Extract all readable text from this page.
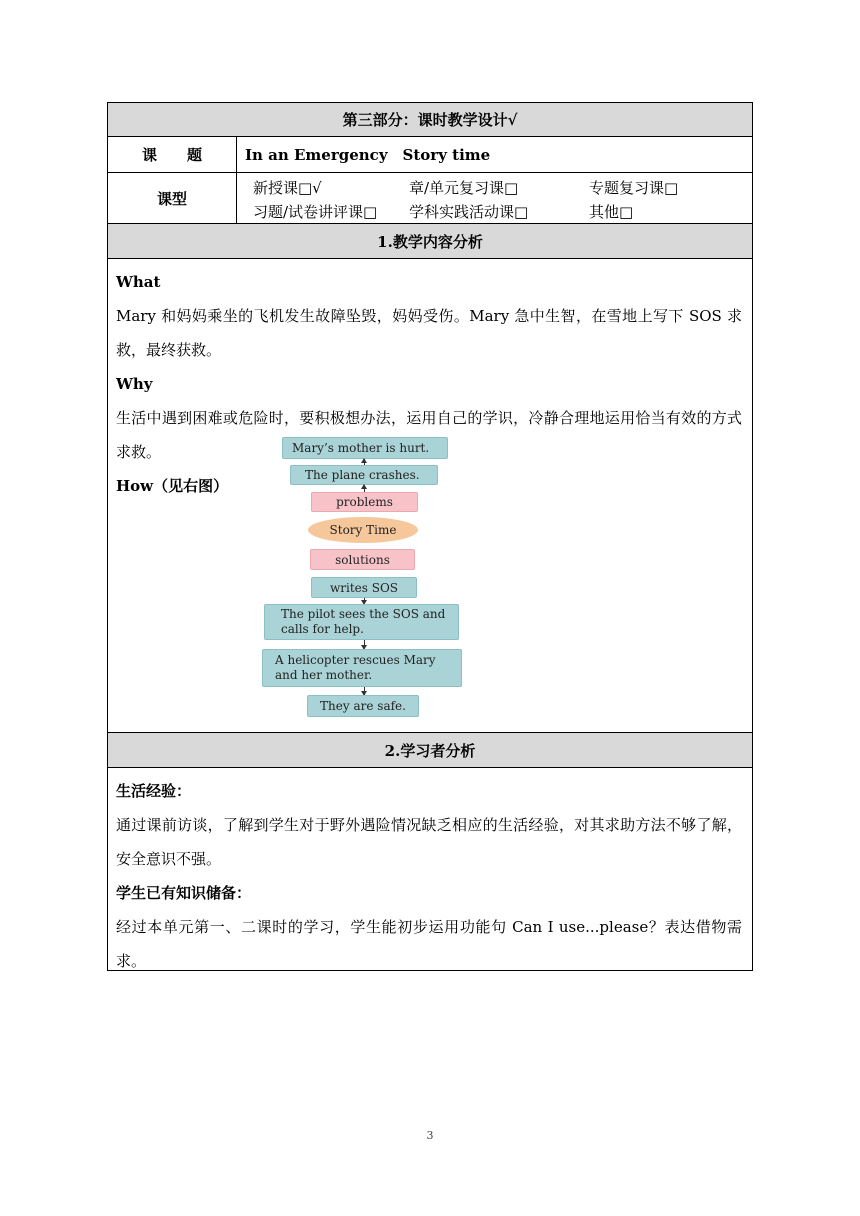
第三部分：课时教学设计√
课　　题	In an Emergency　Story time
课型
新授课□√	章/单元复习课□	专题复习课□
习题/试卷讲评课□	学科实践活动课□	其他□
1.教学内容分析
What
Mary 和妈妈乘坐的飞机发生故障坠毁，妈妈受伤。Mary 急中生智，在雪地上写下 SOS 求救，最终获救。
Why
生活中遇到困难或危险时，要积极想办法，运用自己的学识，冷静合理地运用恰当有效的方式求救。
How（见右图）
Mary’s mother is hurt.
The plane crashes.
problems
Story Time
solutions
writes SOS
The pilot sees the SOS and calls for help.
A helicopter rescues Mary and her mother.
They are safe.
2.学习者分析
生活经验：
通过课前访谈，了解到学生对于野外遇险情况缺乏相应的生活经验，对其求助方法不够了解，安全意识不强。
学生已有知识储备：
经过本单元第一、二课时的学习，学生能初步运用功能句 Can I use...please？表达借物需求。
3
